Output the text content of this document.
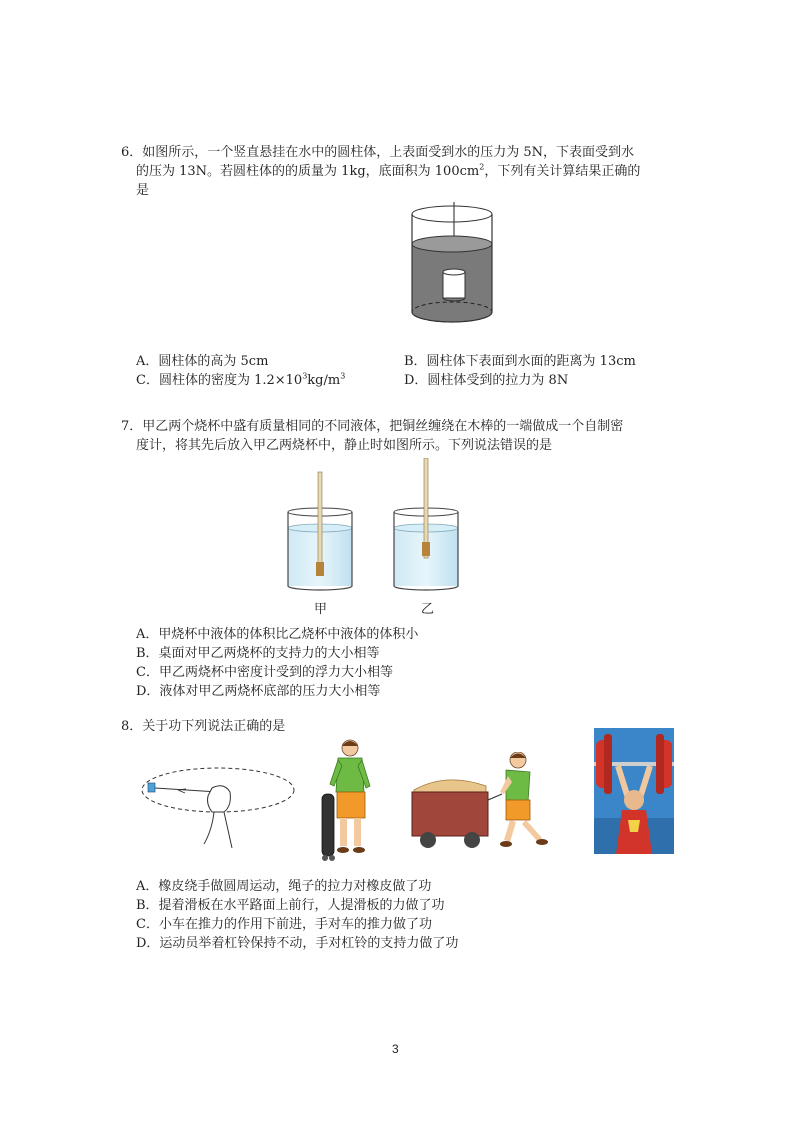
6．如图所示，一个竖直悬挂在水中的圆柱体，上表面受到水的压力为 5N，下表面受到水
的压为 13N。若圆柱体的的质量为 1kg，底面积为 $100cm^2$，下列有关计算结果正确的
是
A．圆柱体的高为 5cm	B．圆柱体下表面到水面的距离为 13cm
C．圆柱体的密度为 $1.2\times 10^3kg/m^3$	D．圆柱体受到的拉力为 8N
7．甲乙两个烧杯中盛有质量相同的不同液体，把铜丝缠绕在木棒的一端做成一个自制密
度计，将其先后放入甲乙两烧杯中，静止时如图所示。下列说法错误的是
甲	乙
A．甲烧杯中液体的体积比乙烧杯中液体的体积小
B．桌面对甲乙两烧杯的支持力的大小相等
C．甲乙两烧杯中密度计受到的浮力大小相等
D．液体对甲乙两烧杯底部的压力大小相等
8．关于功下列说法正确的是
A．橡皮绕手做圆周运动，绳子的拉力对橡皮做了功
B．提着滑板在水平路面上前行，人提滑板的力做了功
C．小车在推力的作用下前进，手对车的推力做了功
D．运动员举着杠铃保持不动，手对杠铃的支持力做了功
3
